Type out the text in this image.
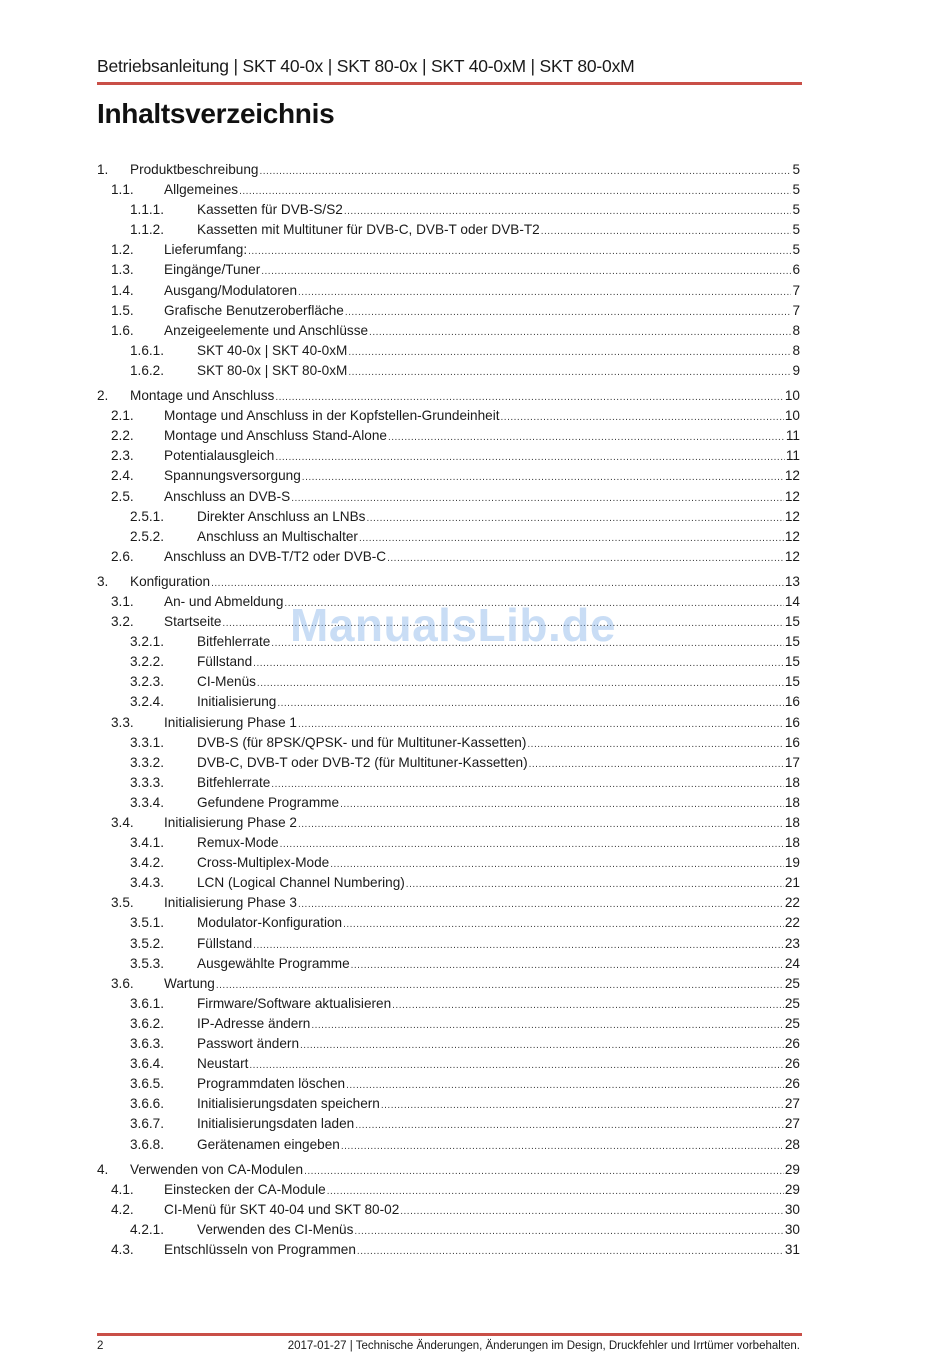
Betriebsanleitung | SKT 40-0x | SKT 80-0x | SKT 40-0xM | SKT 80-0xM
Inhaltsverzeichnis
1.	Produktbeschreibung .....	5
1.1.	Allgemeines .....	5
1.1.1.	Kassetten für DVB-S/S2 .....	5
1.1.2.	Kassetten mit Multituner für DVB-C, DVB-T oder DVB-T2 .....	5
1.2.	Lieferumfang: .....	5
1.3.	Eingänge/Tuner .....	6
1.4.	Ausgang/Modulatoren .....	7
1.5.	Grafische Benutzeroberfläche .....	7
1.6.	Anzeigeelemente und Anschlüsse .....	8
1.6.1.	SKT 40-0x | SKT 40-0xM .....	8
1.6.2.	SKT 80-0x | SKT 80-0xM .....	9
2.	Montage und Anschluss .....	10
2.1.	Montage und Anschluss in der Kopfstellen-Grundeinheit .....	10
2.2.	Montage und Anschluss Stand-Alone .....	11
2.3.	Potentialausgleich .....	11
2.4.	Spannungsversorgung .....	12
2.5.	Anschluss an DVB-S .....	12
2.5.1.	Direkter Anschluss an LNBs .....	12
2.5.2.	Anschluss an Multischalter .....	12
2.6.	Anschluss an DVB-T/T2 oder DVB-C .....	12
3.	Konfiguration .....	13
3.1.	An- und Abmeldung .....	14
3.2.	Startseite .....	15
3.2.1.	Bitfehlerrate .....	15
3.2.2.	Füllstand .....	15
3.2.3.	CI-Menüs .....	15
3.2.4.	Initialisierung .....	16
3.3.	Initialisierung Phase 1 .....	16
3.3.1.	DVB-S (für 8PSK/QPSK- und für Multituner-Kassetten) .....	16
3.3.2.	DVB-C, DVB-T oder DVB-T2 (für Multituner-Kassetten) .....	17
3.3.3.	Bitfehlerrate .....	18
3.3.4.	Gefundene Programme .....	18
3.4.	Initialisierung Phase 2 .....	18
3.4.1.	Remux-Mode .....	18
3.4.2.	Cross-Multiplex-Mode .....	19
3.4.3.	LCN (Logical Channel Numbering) .....	21
3.5.	Initialisierung Phase 3 .....	22
3.5.1.	Modulator-Konfiguration .....	22
3.5.2.	Füllstand .....	23
3.5.3.	Ausgewählte Programme .....	24
3.6.	Wartung .....	25
3.6.1.	Firmware/Software aktualisieren .....	25
3.6.2.	IP-Adresse ändern .....	25
3.6.3.	Passwort ändern .....	26
3.6.4.	Neustart .....	26
3.6.5.	Programmdaten löschen .....	26
3.6.6.	Initialisierungsdaten speichern .....	27
3.6.7.	Initialisierungsdaten laden .....	27
3.6.8.	Gerätenamen eingeben .....	28
4.	Verwenden von CA-Modulen .....	29
4.1.	Einstecken der CA-Module .....	29
4.2.	CI-Menü für SKT 40-04 und SKT 80-02 .....	30
4.2.1.	Verwenden des CI-Menüs .....	30
4.3.	Entschlüsseln von Programmen .....	31
ManualsLib.de
2	2017-01-27 | Technische Änderungen, Änderungen im Design, Druckfehler und Irrtümer vorbehalten.
